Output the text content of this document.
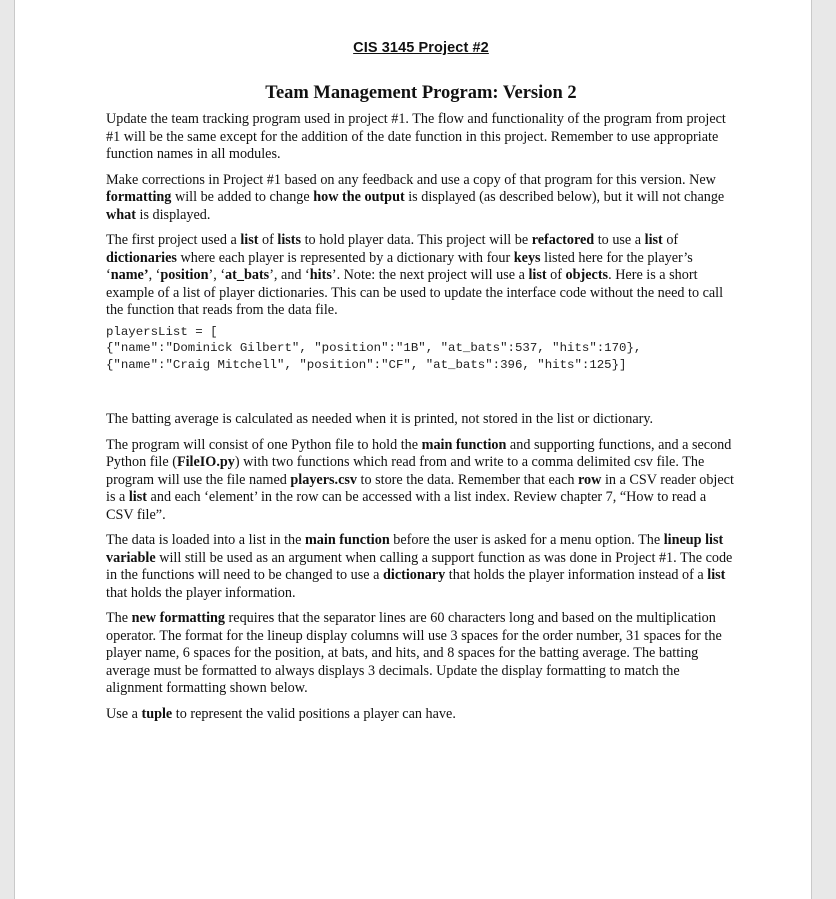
CIS 3145 Project #2
Team Management Program: Version 2

Update the team tracking program used in project #1. The flow and functionality of the program from project #1 will be the same except for the addition of the date function in this project. Remember to use appropriate function names in all modules.

Make corrections in Project #1 based on any feedback and use a copy of that program for this version. New formatting will be added to change how the output is displayed (as described below), but it will not change what is displayed.

The first project used a list of lists to hold player data. This project will be refactored to use a list of dictionaries where each player is represented by a dictionary with four keys listed here for the player’s ‘name’, ‘position’, ‘at_bats’, and ‘hits’. Note: the next project will use a list of objects. Here is a short example of a list of player dictionaries. This can be used to update the interface code without the need to call the function that reads from the data file.

playersList = [
{"name":"Dominick Gilbert", "position":"1B", "at_bats":537, "hits":170},
{"name":"Craig Mitchell", "position":"CF", "at_bats":396, "hits":125}]

The batting average is calculated as needed when it is printed, not stored in the list or dictionary.

The program will consist of one Python file to hold the main function and supporting functions, and a second Python file (FileIO.py) with two functions which read from and write to a comma delimited csv file. The program will use the file named players.csv to store the data. Remember that each row in a CSV reader object is a list and each ‘element’ in the row can be accessed with a list index. Review chapter 7, “How to read a CSV file”.

The data is loaded into a list in the main function before the user is asked for a menu option. The lineup list variable will still be used as an argument when calling a support function as was done in Project #1. The code in the functions will need to be changed to use a dictionary that holds the player information instead of a list that holds the player information.

The new formatting requires that the separator lines are 60 characters long and based on the multiplication operator. The format for the lineup display columns will use 3 spaces for the order number, 31 spaces for the player name, 6 spaces for the position, at bats, and hits, and 8 spaces for the batting average. The batting average must be formatted to always displays 3 decimals. Update the display formatting to match the alignment formatting shown below.

Use a tuple to represent the valid positions a player can have.
